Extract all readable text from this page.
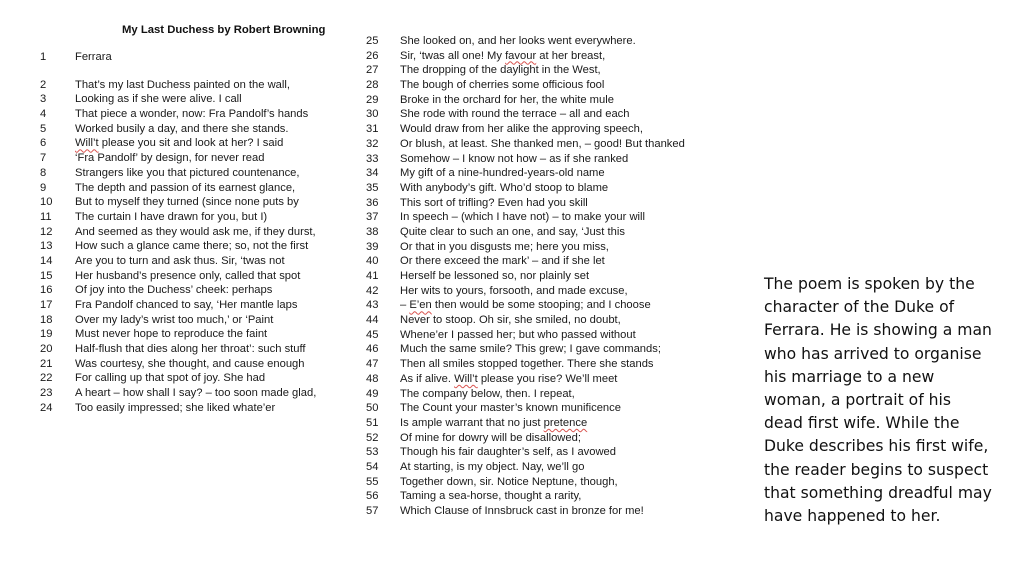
My Last Duchess by Robert Browning
1	Ferrara
2	That’s my last Duchess painted on the wall,
3	Looking as if she were alive. I call
4	That piece a wonder, now: Fra Pandolf’s hands
5	Worked busily a day, and there she stands.
6	Will’t please you sit and look at her? I said
7	‘Fra Pandolf’ by design, for never read
8	Strangers like you that pictured countenance,
9	The depth and passion of its earnest glance,
10	But to myself they turned (since none puts by
11	The curtain I have drawn for you, but I)
12	And seemed as they would ask me, if they durst,
13	How such a glance came there; so, not the first
14	Are you to turn and ask thus. Sir, ‘twas not
15	Her husband’s presence only, called that spot
16	Of joy into the Duchess’ cheek: perhaps
17	Fra Pandolf chanced to say, ‘Her mantle laps
18	Over my lady’s wrist too much,’ or ‘Paint
19	Must never hope to reproduce the faint
20	Half-flush that dies along her throat’: such stuff
21	Was courtesy, she thought, and cause enough
22	For calling up that spot of joy. She had
23	A heart – how shall I say? – too soon made glad,
24	Too easily impressed; she liked whate’er
25	She looked on, and her looks went everywhere.
26	Sir, ‘twas all one! My favour at her breast,
27	The dropping of the daylight in the West,
28	The bough of cherries some officious fool
29	Broke in the orchard for her, the white mule
30	She rode with round the terrace – all and each
31	Would draw from her alike the approving speech,
32	Or blush, at least. She thanked men, – good! But thanked
33	Somehow – I know not how – as if she ranked
34	My gift of a nine-hundred-years-old name
35	With anybody’s gift. Who’d stoop to blame
36	This sort of trifling? Even had you skill
37	In speech – (which I have not) – to make your will
38	Quite clear to such an one, and say, ‘Just this
39	Or that in you disgusts me; here you miss,
40	Or there exceed the mark’ – and if she let
41	Herself be lessoned so, nor plainly set
42	Her wits to yours, forsooth, and made excuse,
43	– E’en then would be some stooping; and I choose
44	Never to stoop. Oh sir, she smiled, no doubt,
45	Whene’er I passed her; but who passed without
46	Much the same smile? This grew; I gave commands;
47	Then all smiles stopped together. There she stands
48	As if alive. Will’t please you rise? We’ll meet
49	The company below, then. I repeat,
50	The Count your master’s known munificence
51	Is ample warrant that no just pretence
52	Of mine for dowry will be disallowed;
53	Though his fair daughter’s self, as I avowed
54	At starting, is my object. Nay, we’ll go
55	Together down, sir. Notice Neptune, though,
56	Taming a sea-horse, thought a rarity,
57	Which Clause of Innsbruck cast in bronze for me!
The poem is spoken by the character of the Duke of Ferrara. He is showing a man who has arrived to organise his marriage to a new woman, a portrait of his dead first wife. While the Duke describes his first wife, the reader begins to suspect that something dreadful may have happened to her.
